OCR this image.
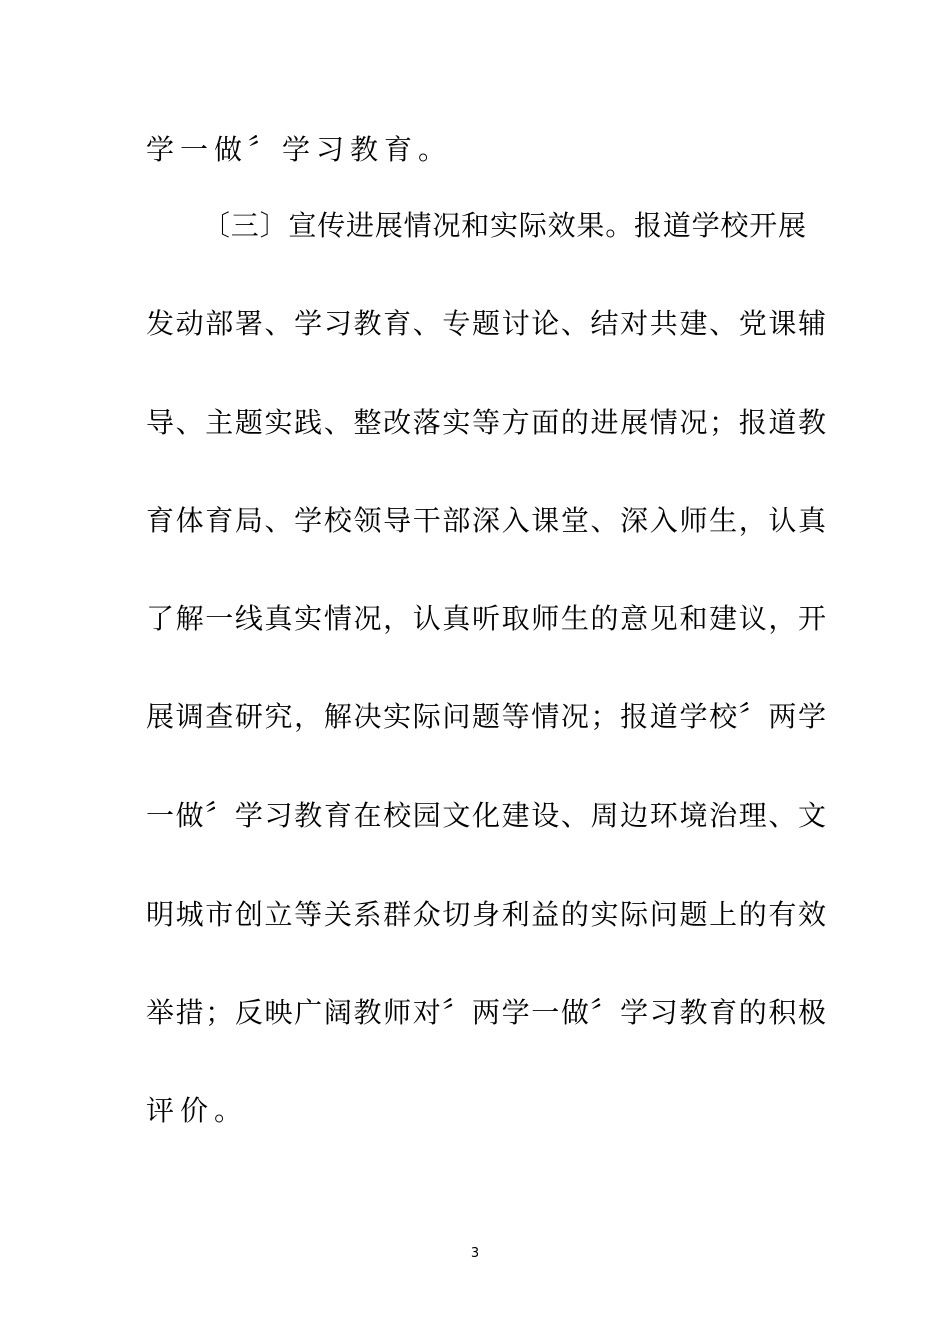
学一做〞学习教育。
〔三〕宣传进展情况和实际效果。报道学校开展
发动部署、学习教育、专题讨论、结对共建、党课辅
导、主题实践、整改落实等方面的进展情况；报道教
育体育局、学校领导干部深入课堂、深入师生，认真
了解一线真实情况，认真听取师生的意见和建议，开
展调查研究，解决实际问题等情况；报道学校〞两学
一做〞学习教育在校园文化建设、周边环境治理、文
明城市创立等关系群众切身利益的实际问题上的有效
举措；反映广阔教师对〞两学一做〞学习教育的积极
评价。
3
